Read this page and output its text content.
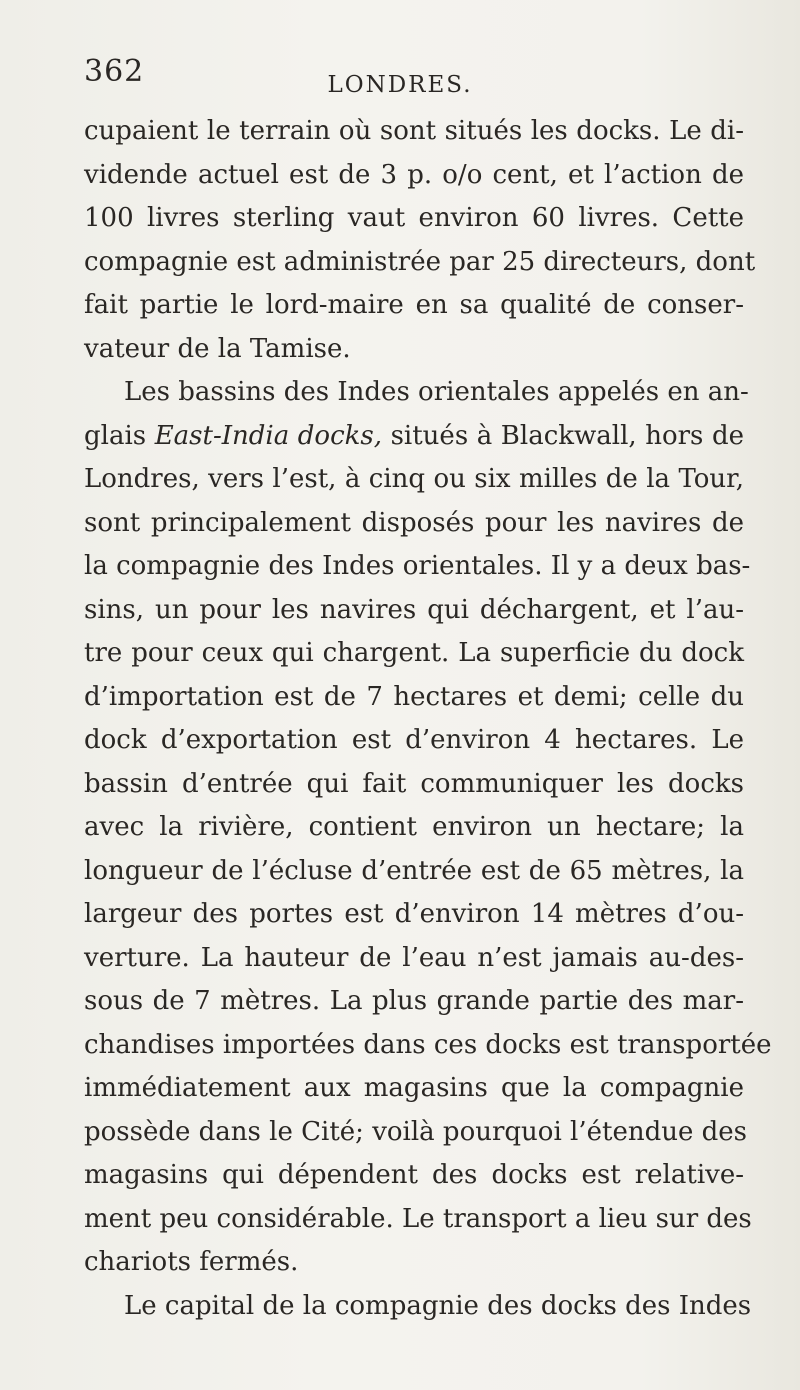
362	LONDRES.
cupaient le terrain où sont situés les docks. Le di-
vidende actuel est de 3 p. o/o cent, et l’action de
100 livres sterling vaut environ 60 livres. Cette
compagnie est administrée par 25 directeurs, dont
fait partie le lord-maire en sa qualité de conser-
vateur de la Tamise.
Les bassins des Indes orientales appelés en an-
glais East-India docks, situés à Blackwall, hors de
Londres, vers l’est, à cinq ou six milles de la Tour,
sont principalement disposés pour les navires de
la compagnie des Indes orientales. Il y a deux bas-
sins, un pour les navires qui déchargent, et l’au-
tre pour ceux qui chargent. La superficie du dock
d’importation est de 7 hectares et demi; celle du
dock d’exportation est d’environ 4 hectares. Le
bassin d’entrée qui fait communiquer les docks
avec la rivière, contient environ un hectare; la
longueur de l’écluse d’entrée est de 65 mètres, la
largeur des portes est d’environ 14 mètres d’ou-
verture. La hauteur de l’eau n’est jamais au-des-
sous de 7 mètres. La plus grande partie des mar-
chandises importées dans ces docks est transportée
immédiatement aux magasins que la compagnie
possède dans le Cité; voilà pourquoi l’étendue des
magasins qui dépendent des docks est relative-
ment peu considérable. Le transport a lieu sur des
chariots fermés.
Le capital de la compagnie des docks des Indes
